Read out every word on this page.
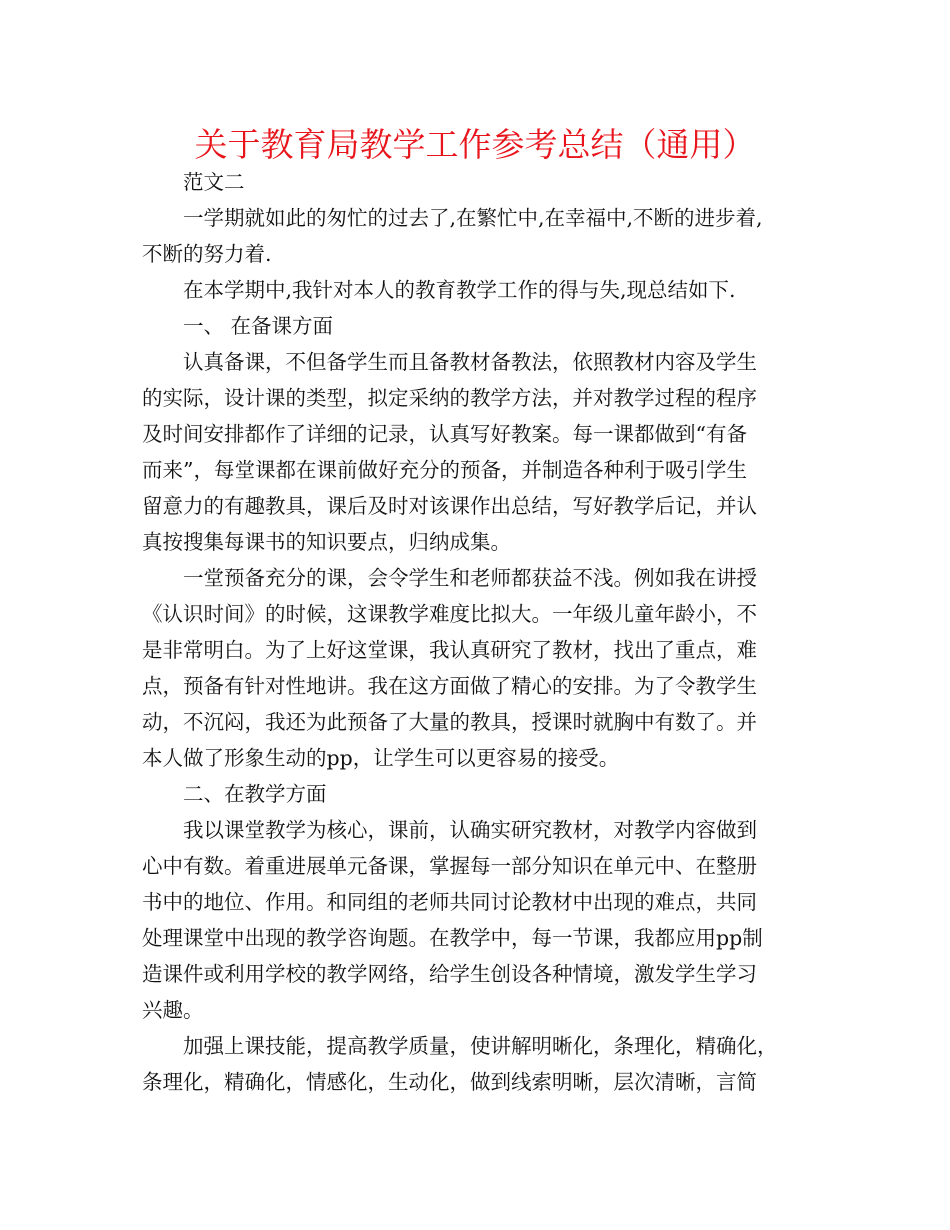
关于教育局教学工作参考总结（通用）
范文二
一学期就如此的匆忙的过去了,在繁忙中,在幸福中,不断的进步着,
不断的努力着.
在本学期中,我针对本人的教育教学工作的得与失,现总结如下.
一、 在备课方面
认真备课，不但备学生而且备教材备教法，依照教材内容及学生
的实际，设计课的类型，拟定采纳的教学方法，并对教学过程的程序
及时间安排都作了详细的记录，认真写好教案。每一课都做到“有备
而来”，每堂课都在课前做好充分的预备，并制造各种利于吸引学生
留意力的有趣教具，课后及时对该课作出总结，写好教学后记，并认
真按搜集每课书的知识要点，归纳成集。
一堂预备充分的课，会令学生和老师都获益不浅。例如我在讲授
《认识时间》的时候，这课教学难度比拟大。一年级儿童年龄小，不
是非常明白。为了上好这堂课，我认真研究了教材，找出了重点，难
点，预备有针对性地讲。我在这方面做了精心的安排。为了令教学生
动，不沉闷，我还为此预备了大量的教具，授课时就胸中有数了。并
本人做了形象生动的pp，让学生可以更容易的接受。
二、在教学方面
我以课堂教学为核心，课前，认确实研究教材，对教学内容做到
心中有数。着重进展单元备课，掌握每一部分知识在单元中、在整册
书中的地位、作用。和同组的老师共同讨论教材中出现的难点，共同
处理课堂中出现的教学咨询题。在教学中，每一节课，我都应用pp制
造课件或利用学校的教学网络，给学生创设各种情境，激发学生学习
兴趣。
加强上课技能，提高教学质量，使讲解明晰化，条理化，精确化，
条理化，精确化，情感化，生动化，做到线索明晰，层次清晰，言简
